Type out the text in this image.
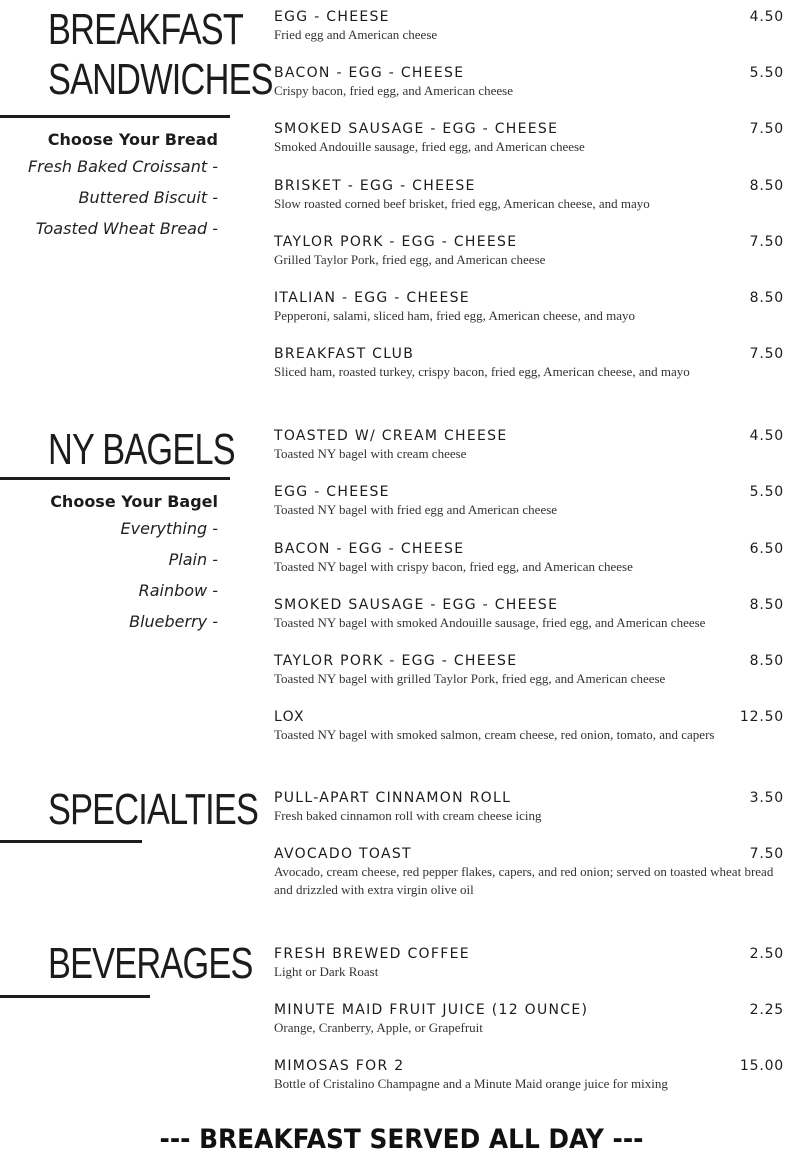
BREAKFAST
SANDWICHES
Choose Your Bread
Fresh Baked Croissant -
Buttered Biscuit -
Toasted Wheat Bread -
EGG - CHEESE	4.50
Fried egg and American cheese
BACON - EGG - CHEESE	5.50
Crispy bacon, fried egg, and American cheese
SMOKED SAUSAGE - EGG - CHEESE	7.50
Smoked Andouille sausage, fried egg, and American cheese
BRISKET - EGG - CHEESE	8.50
Slow roasted corned beef brisket, fried egg, American cheese, and mayo
TAYLOR PORK - EGG - CHEESE	7.50
Grilled Taylor Pork, fried egg, and American cheese
ITALIAN - EGG - CHEESE	8.50
Pepperoni, salami, sliced ham, fried egg, American cheese, and mayo
BREAKFAST CLUB	7.50
Sliced ham, roasted turkey, crispy bacon, fried egg, American cheese, and mayo
NY BAGELS
Choose Your Bagel
Everything -
Plain -
Rainbow -
Blueberry -
TOASTED W/ CREAM CHEESE	4.50
Toasted NY bagel with cream cheese
EGG - CHEESE	5.50
Toasted NY bagel with fried egg and American cheese
BACON - EGG - CHEESE	6.50
Toasted NY bagel with crispy bacon, fried egg, and American cheese
SMOKED SAUSAGE - EGG - CHEESE	8.50
Toasted NY bagel with smoked Andouille sausage, fried egg, and American cheese
TAYLOR PORK - EGG - CHEESE	8.50
Toasted NY bagel with grilled Taylor Pork, fried egg, and American cheese
LOX	12.50
Toasted NY bagel with smoked salmon, cream cheese, red onion, tomato, and capers
SPECIALTIES PULL-APART CINNAMON ROLL	3.50
Fresh baked cinnamon roll with cream cheese icing
AVOCADO TOAST	7.50
Avocado, cream cheese, red pepper flakes, capers, and red onion; served on toasted wheat bread and drizzled with extra virgin olive oil
BEVERAGES FRESH BREWED COFFEE	2.50
Light or Dark Roast
MINUTE MAID FRUIT JUICE (12 OUNCE)	2.25
Orange, Cranberry, Apple, or Grapefruit
MIMOSAS FOR 2	15.00
Bottle of Cristalino Champagne and a Minute Maid orange juice for mixing
--- BREAKFAST SERVED ALL DAY ---
